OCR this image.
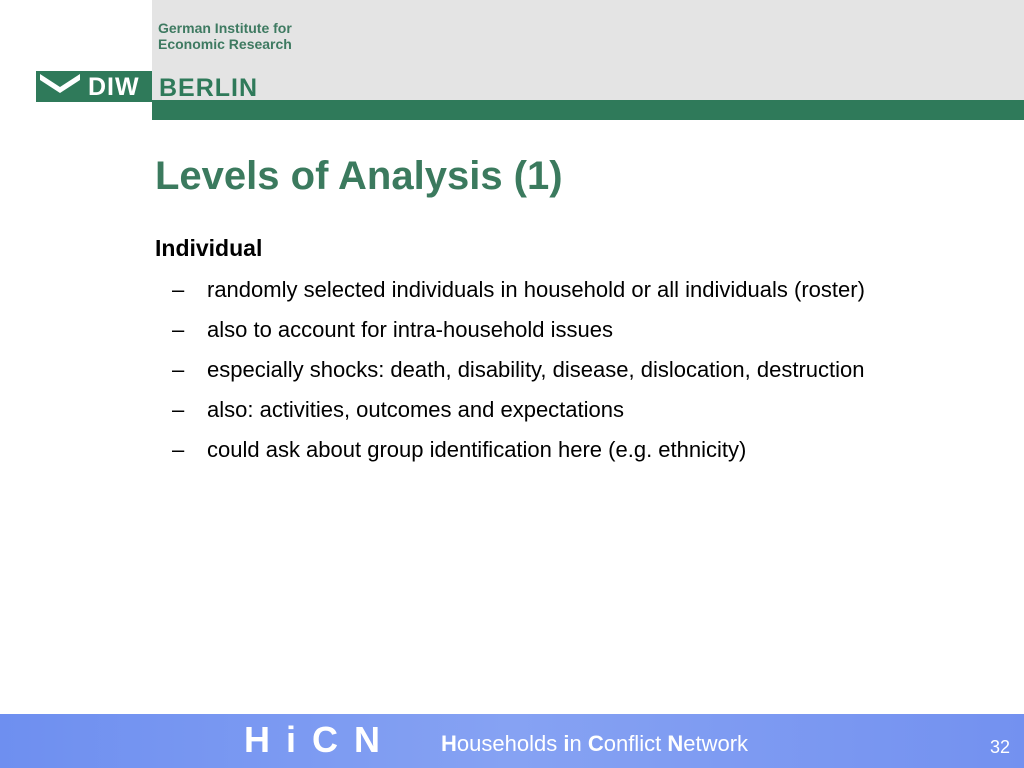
German Institute for
Economic Research
DIW BERLIN
Levels of Analysis (1)
Individual
–	randomly selected individuals in household or all individuals (roster)
–	also to account for intra-household issues
–	especially shocks: death, disability, disease, dislocation, destruction
–	also: activities, outcomes and expectations
–	could ask about group identification here (e.g. ethnicity)
H i C N	Households in Conflict Network	32
